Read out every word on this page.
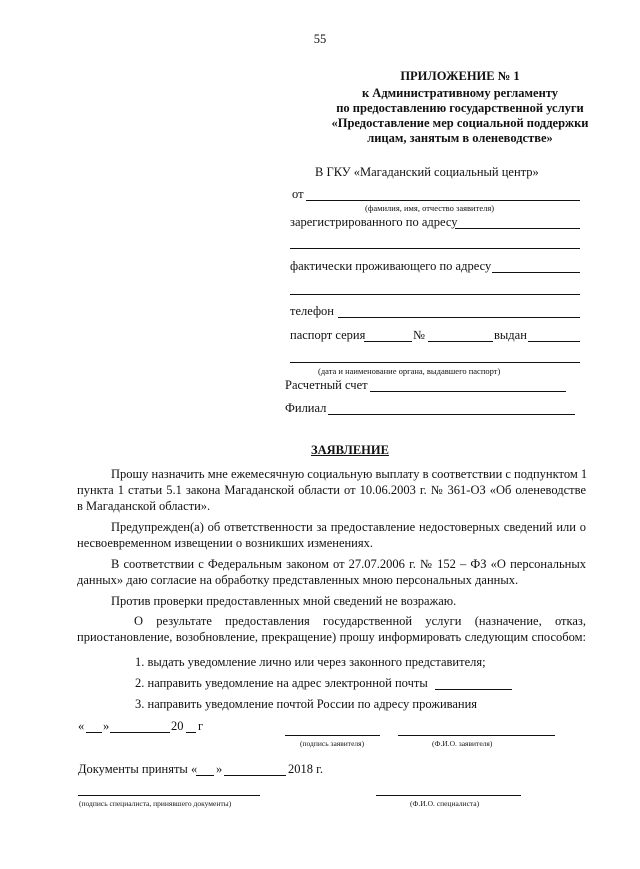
55
ПРИЛОЖЕНИЕ № 1
к Административному регламенту
по предоставлению государственной услуги
«Предоставление мер социальной поддержки
лицам, занятым в оленеводстве»
В ГКУ «Магаданский социальный центр»
от
(фамилия, имя, отчество заявителя)
зарегистрированного по адресу
фактически проживающего по адресу
телефон
паспорт серия	№	выдан
(дата и наименование органа, выдавшего паспорт)
Расчетный счет
Филиал
ЗАЯВЛЕНИЕ
Прошу назначить мне ежемесячную социальную выплату в соответствии с подпунктом 1
пункта 1 статьи 5.1 закона Магаданской области от 10.06.2003 г. № 361-ОЗ «Об оленеводстве
в Магаданской области».
Предупрежден(а) об ответственности за предоставление недостоверных сведений или о
несвоевременном извещении о возникших изменениях.
В соответствии с Федеральным законом от 27.07.2006 г. № 152 – ФЗ «О персональных
данных» даю согласие на обработку представленных мною персональных данных.
Против проверки предоставленных мной сведений не возражаю.
О результате предоставления государственной услуги (назначение, отказ,
приостановление, возобновление, прекращение) прошу информировать следующим способом:
1. выдать уведомление лично или через законного представителя;
2. направить уведомление на адрес электронной почты
3. направить уведомление почтой России по адресу проживания
« »	20 г
(подпись заявителя)	(Ф.И.О. заявителя)
Документы приняты « »	2018 г.
(подпись специалиста, принявшего документы)	(Ф.И.О. специалиста)
